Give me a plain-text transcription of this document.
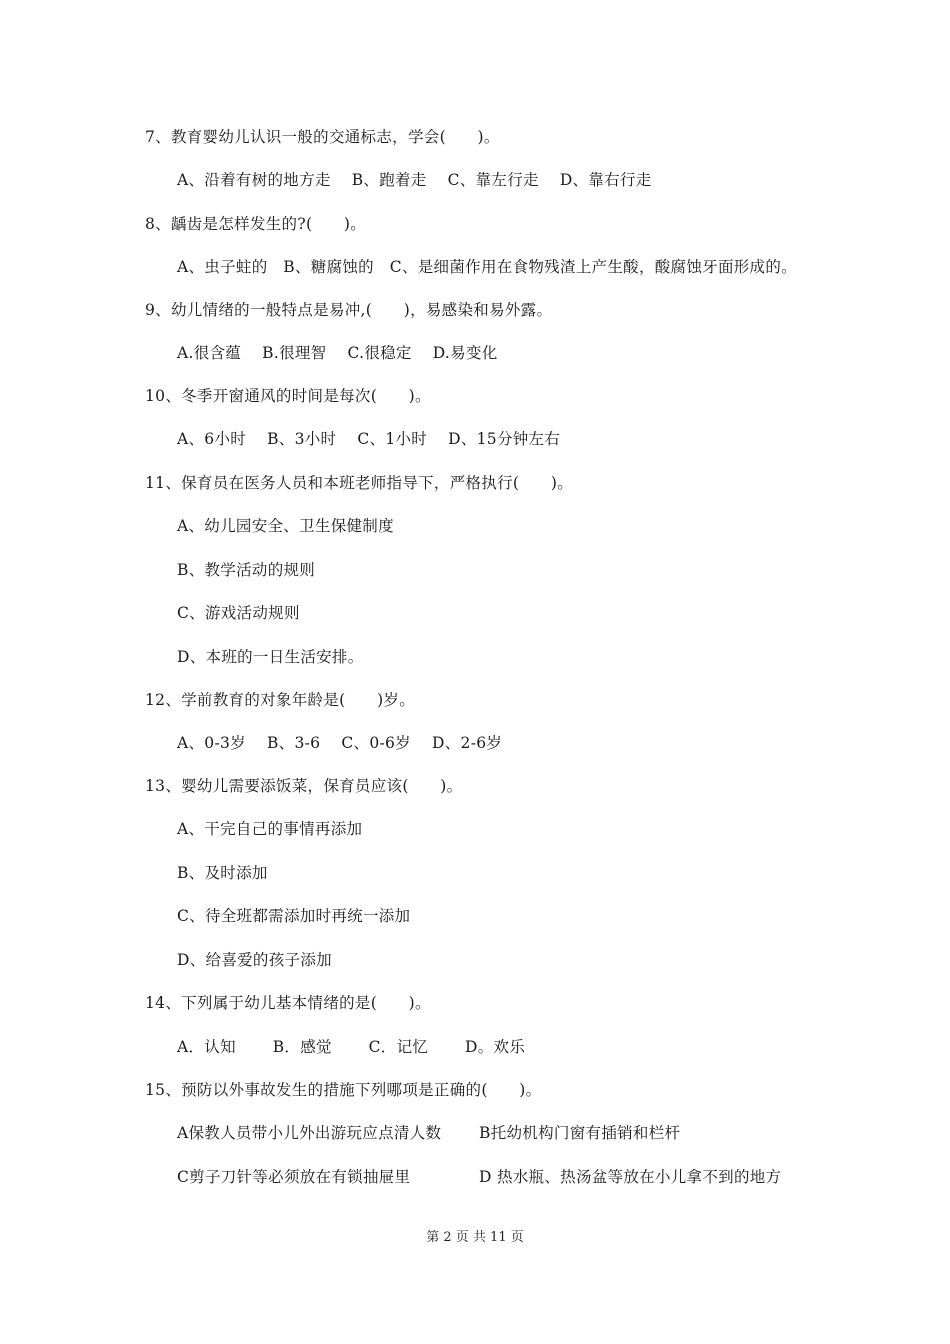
7、教育婴幼儿认识一般的交通标志，学会(　　)。
A、沿着有树的地方走　 B、跑着走　 C、靠左行走　 D、靠右行走
8、龋齿是怎样发生的?(　　)。
A、虫子蛀的　B、糖腐蚀的　C、是细菌作用在食物残渣上产生酸，酸腐蚀牙面形成的。
9、幼儿情绪的一般特点是易冲,(　　)，易感染和易外露。
A.很含蕴　 B.很理智　 C.很稳定　 D.易变化
10、冬季开窗通风的时间是每次(　　)。
A、6小时　 B、3小时　 C、1小时　 D、15分钟左右
11、保育员在医务人员和本班老师指导下，严格执行(　　)。
A、幼儿园安全、卫生保健制度
B、教学活动的规则
C、游戏活动规则
D、本班的一日生活安排。
12、学前教育的对象年龄是(　　)岁。
A、0-3岁　 B、3-6　 C、0-6岁　 D、2-6岁
13、婴幼儿需要添饭菜，保育员应该(　　)。
A、干完自己的事情再添加
B、及时添加
C、待全班都需添加时再统一添加
D、给喜爱的孩子添加
14、下列属于幼儿基本情绪的是(　　)。
A．认知　　 B．感觉　　 C．记忆　　 D。欢乐
15、预防以外事故发生的措施下列哪项是正确的(　　)。
A保教人员带小儿外出游玩应点清人数 B托幼机构门窗有插销和栏杆
C剪子刀针等必须放在有锁抽屉里	D 热水瓶、热汤盆等放在小儿拿不到的地方
第 2 页 共 11 页
